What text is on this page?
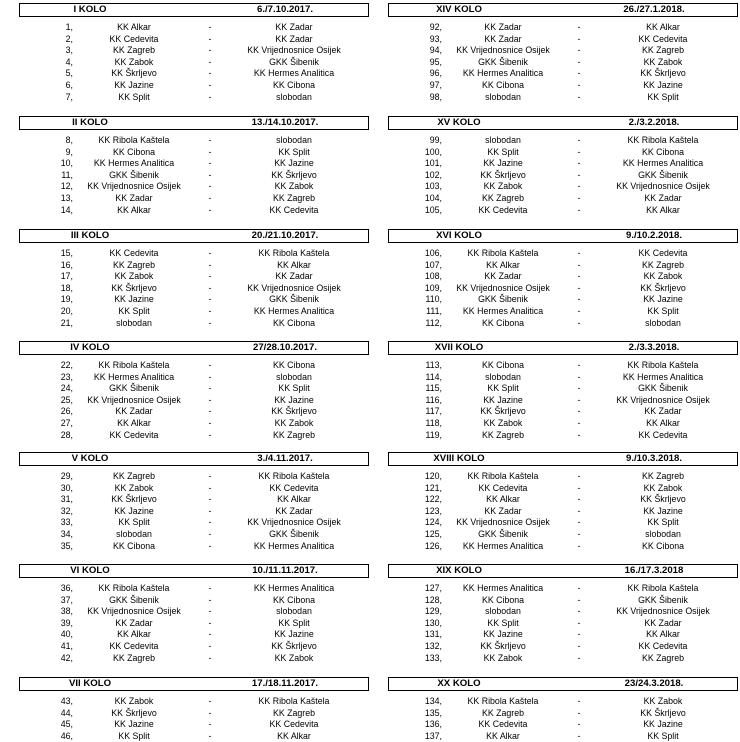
I KOLO	6./7.10.2017.
1,	KK Alkar	-	KK Zadar
2,	KK Cedevita	-	KK Zadar
3,	KK Zagreb	-	KK Vrijednosnice Osijek
4,	KK Zabok	-	GKK Šibenik
5,	KK Škrljevo	-	KK Hermes Analitica
6,	KK Jazine	-	KK Cibona
7,	KK Split	-	slobodan
II KOLO	13./14.10.2017.
8,	KK Ribola Kaštela	-	slobodan
9,	KK Cibona	-	KK Split
10,	KK Hermes Analitica	-	KK Jazine
11,	GKK Šibenik	-	KK Škrljevo
12,	KK Vrijednosnice Osijek	-	KK Zabok
13,	KK Zadar	-	KK Zagreb
14,	KK Alkar	-	KK Cedevita
III KOLO	20./21.10.2017.
15,	KK Cedevita	-	KK Ribola Kaštela
16,	KK Zagreb	-	KK Alkar
17,	KK Zabok	-	KK Zadar
18,	KK Škrljevo	-	KK Vrijednosnice Osijek
19,	KK Jazine	-	GKK Šibenik
20,	KK Split	-	KK Hermes Analitica
21,	slobodan	-	KK Cibona
IV KOLO	27/28.10.2017.
22,	KK Ribola Kaštela	-	KK Cibona
23,	KK Hermes Analitica	-	slobodan
24,	GKK Šibenik	-	KK Split
25,	KK Vrijednosnice Osijek	-	KK Jazine
26,	KK Zadar	-	KK Škrljevo
27,	KK Alkar	-	KK Zabok
28,	KK Cedevita	-	KK Zagreb
V KOLO	3./4.11.2017.
29,	KK Zagreb	-	KK Ribola Kaštela
30,	KK Zabok	-	KK Cedevita
31,	KK Škrljevo	-	KK Alkar
32,	KK Jazine	-	KK Zadar
33,	KK Split	-	KK Vrijednosnice Osijek
34,	slobodan	-	GKK Šibenik
35,	KK Cibona	-	KK Hermes Analitica
VI KOLO	10./11.11.2017.
36,	KK Ribola Kaštela	-	KK Hermes Analitica
37,	GKK Šibenik	-	KK Cibona
38,	KK Vrijednosnice Osijek	-	slobodan
39,	KK Zadar	-	KK Split
40,	KK Alkar	-	KK Jazine
41,	KK Cedevita	-	KK Škrljevo
42,	KK Zagreb	-	KK Zabok
VII KOLO	17./18.11.2017.
43,	KK Zabok	-	KK Ribola Kaštela
44,	KK Škrljevo	-	KK Zagreb
45,	KK Jazine	-	KK Cedevita
46,	KK Split	-	KK Alkar
XIV KOLO	26./27.1.2018.
92,	KK Zadar	-	KK Alkar
93,	KK Zadar	-	KK Cedevita
94,	KK Vrijednosnice Osijek	-	KK Zagreb
95,	GKK Šibenik	-	KK Zabok
96,	KK Hermes Analitica	-	KK Škrljevo
97,	KK Cibona	-	KK Jazine
98,	slobodan	-	KK Split
XV KOLO	2./3.2.2018.
99,	slobodan	-	KK Ribola Kaštela
100,	KK Split	-	KK Cibona
101,	KK Jazine	-	KK Hermes Analitica
102,	KK Škrljevo	-	GKK Šibenik
103,	KK Zabok	-	KK Vrijednosnice Osijek
104,	KK Zagreb	-	KK Zadar
105,	KK Cedevita	-	KK Alkar
XVI KOLO	9./10.2.2018.
106,	KK Ribola Kaštela	-	KK Cedevita
107,	KK Alkar	-	KK Zagreb
108,	KK Zadar	-	KK Zabok
109,	KK Vrijednosnice Osijek	-	KK Škrljevo
110,	GKK Šibenik	-	KK Jazine
111,	KK Hermes Analitica	-	KK Split
112,	KK Cibona	-	slobodan
XVII KOLO	2./3.3.2018.
113,	KK Cibona	-	KK Ribola Kaštela
114,	slobodan	-	KK Hermes Analitica
115,	KK Split	-	GKK Šibenik
116,	KK Jazine	-	KK Vrijednosnice Osijek
117,	KK Škrljevo	-	KK Zadar
118,	KK Zabok	-	KK Alkar
119,	KK Zagreb	-	KK Cedevita
XVIII KOLO	9./10.3.2018.
120,	KK Ribola Kaštela	-	KK Zagreb
121,	KK Cedevita	-	KK Zabok
122,	KK Alkar	-	KK Škrljevo
123,	KK Zadar	-	KK Jazine
124,	KK Vrijednosnice Osijek	-	KK Split
125,	GKK Šibenik	-	slobodan
126,	KK Hermes Analitica	-	KK Cibona
XIX KOLO	16./17.3.2018
127,	KK Hermes Analitica	-	KK Ribola Kaštela
128,	KK Cibona	-	GKK Šibenik
129,	slobodan	-	KK Vrijednosnice Osijek
130,	KK Split	-	KK Zadar
131,	KK Jazine	-	KK Alkar
132,	KK Škrljevo	-	KK Cedevita
133,	KK Zabok	-	KK Zagreb
XX KOLO	23/24.3.2018.
134,	KK Ribola Kaštela	-	KK Zabok
135,	KK Zagreb	-	KK Škrljevo
136,	KK Cedevita	-	KK Jazine
137,	KK Alkar	-	KK Split
